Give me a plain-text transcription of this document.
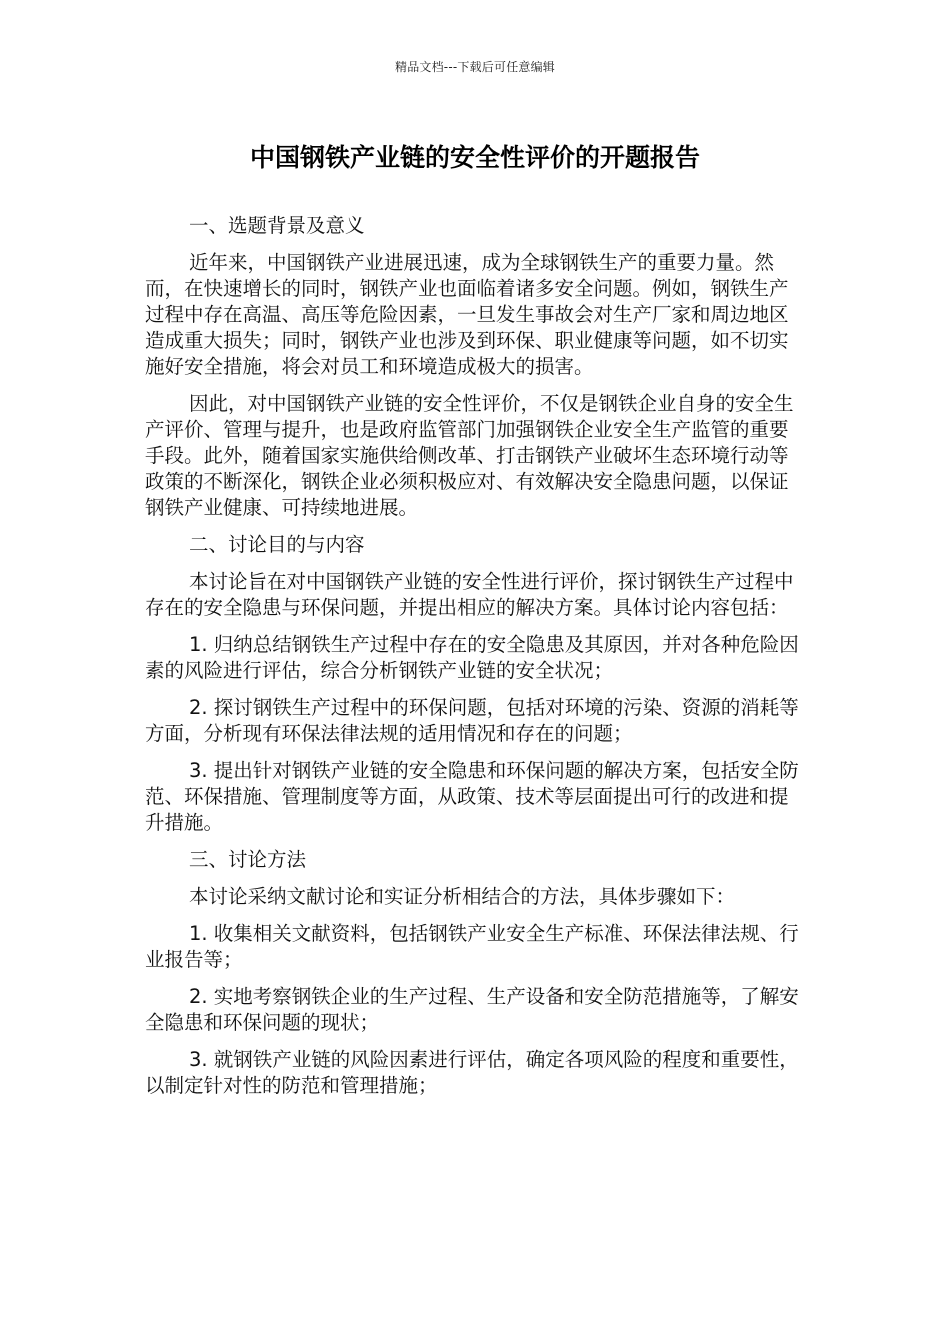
精品文档---下载后可任意编辑
中国钢铁产业链的安全性评价的开题报告

一、选题背景及意义

近年来，中国钢铁产业进展迅速，成为全球钢铁生产的重要力量。然而，在快速增长的同时，钢铁产业也面临着诸多安全问题。例如，钢铁生产过程中存在高温、高压等危险因素，一旦发生事故会对生产厂家和周边地区造成重大损失；同时，钢铁产业也涉及到环保、职业健康等问题，如不切实施好安全措施，将会对员工和环境造成极大的损害。

因此，对中国钢铁产业链的安全性评价，不仅是钢铁企业自身的安全生产评价、管理与提升，也是政府监管部门加强钢铁企业安全生产监管的重要手段。此外，随着国家实施供给侧改革、打击钢铁产业破坏生态环境行动等政策的不断深化，钢铁企业必须积极应对、有效解决安全隐患问题，以保证钢铁产业健康、可持续地进展。

二、讨论目的与内容

本讨论旨在对中国钢铁产业链的安全性进行评价，探讨钢铁生产过程中存在的安全隐患与环保问题，并提出相应的解决方案。具体讨论内容包括：

1. 归纳总结钢铁生产过程中存在的安全隐患及其原因，并对各种危险因素的风险进行评估，综合分析钢铁产业链的安全状况；

2. 探讨钢铁生产过程中的环保问题，包括对环境的污染、资源的消耗等方面，分析现有环保法律法规的适用情况和存在的问题；

3. 提出针对钢铁产业链的安全隐患和环保问题的解决方案，包括安全防范、环保措施、管理制度等方面，从政策、技术等层面提出可行的改进和提升措施。

三、讨论方法

本讨论采纳文献讨论和实证分析相结合的方法，具体步骤如下：

1. 收集相关文献资料，包括钢铁产业安全生产标准、环保法律法规、行业报告等；

2. 实地考察钢铁企业的生产过程、生产设备和安全防范措施等，了解安全隐患和环保问题的现状；

3. 就钢铁产业链的风险因素进行评估，确定各项风险的程度和重要性，以制定针对性的防范和管理措施；
